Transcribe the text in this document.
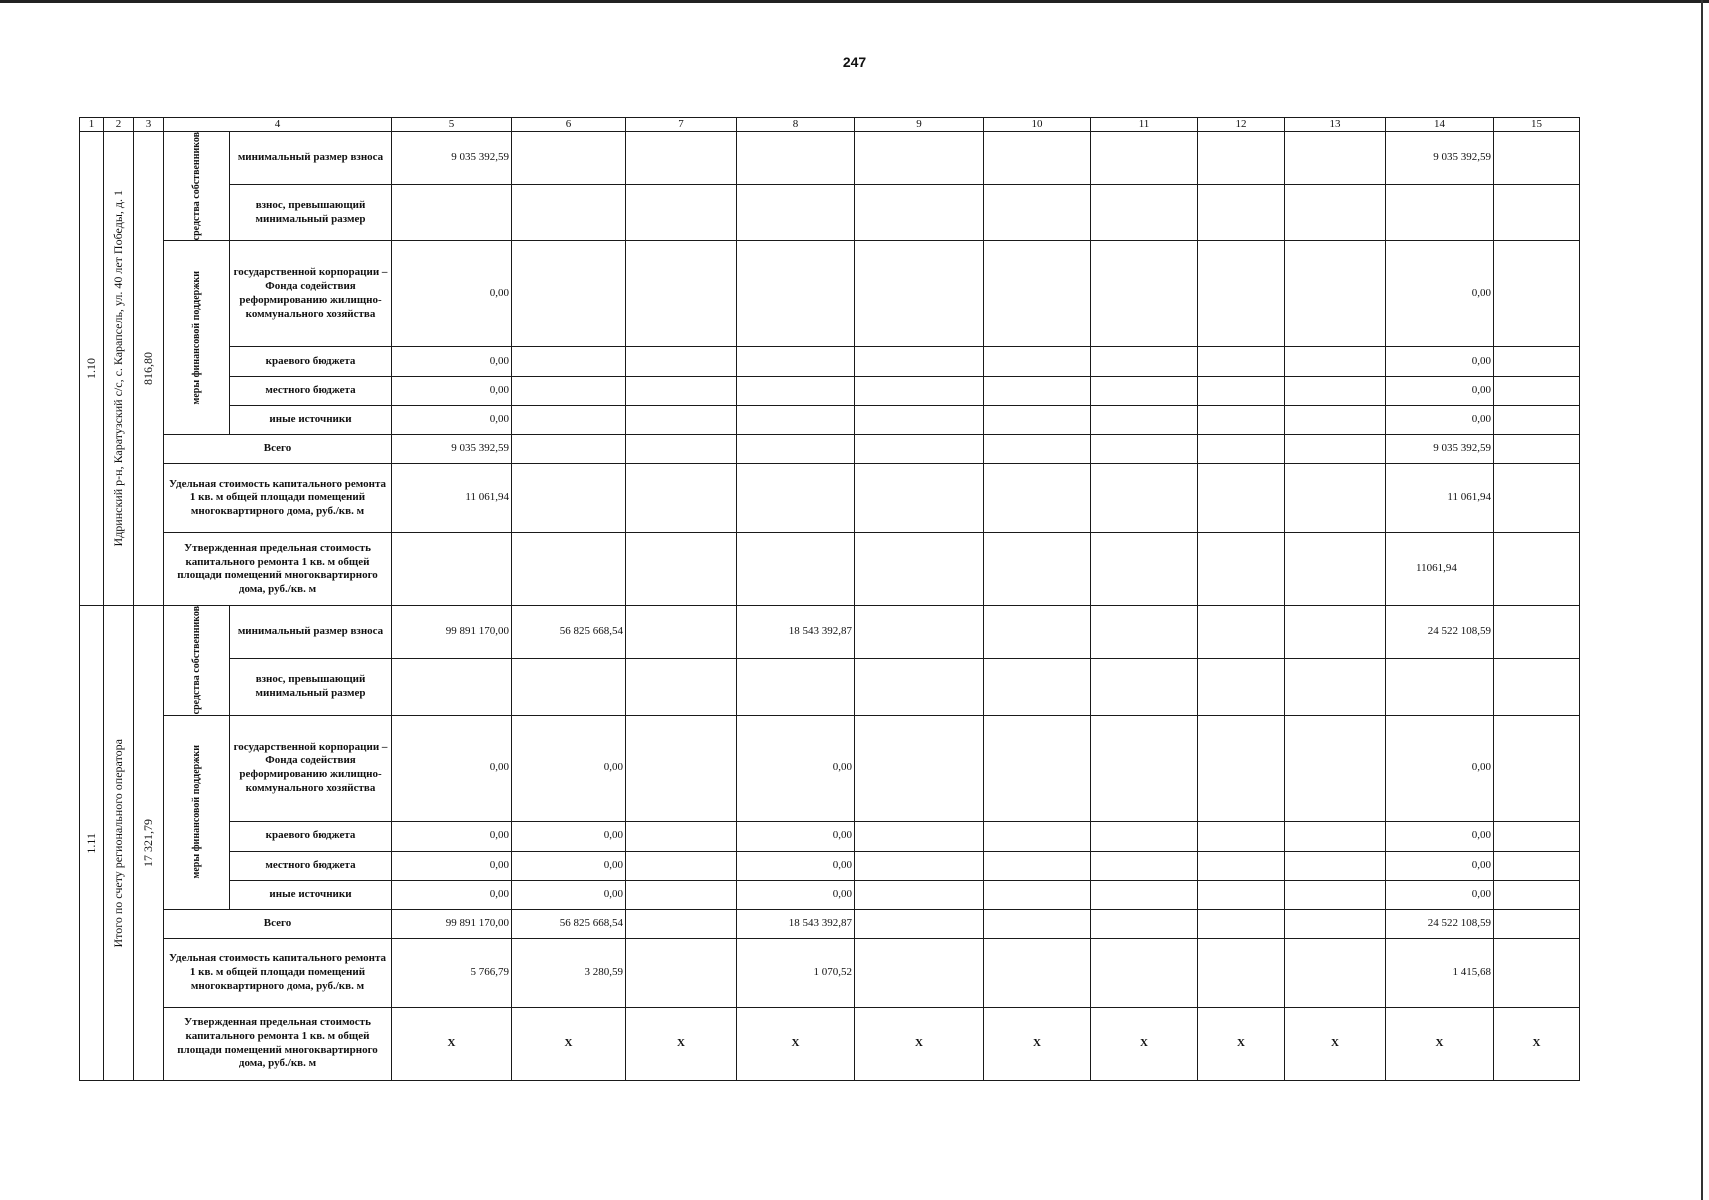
247
1	2	3	4		5	6	7	8	9	10	11	12	13	14	15

1.10	Идринский р-н, Каратузский с/с, с. Карапсель, ул. 40 лет Победы, д. 1	816,80	средства собственников	минимальный размер взноса	9 035 392,59									9 035 392,59	
				взнос, превышающий минимальный размер											

			меры финансовой поддержки	государственной корпорации – Фонда содействия реформированию жилищно-коммунального хозяйства	0,00									0,00	
				краевого бюджета	0,00									0,00	
				местного бюджета	0,00									0,00	
				иные источники	0,00									0,00	
			Всего		9 035 392,59									9 035 392,59	
			Удельная стоимость капитального ремонта 1 кв. м общей площади помещений многоквартирного дома, руб./кв. м		11 061,94									11 061,94	
			Утвержденная предельная стоимость капитального ремонта 1 кв. м общей площади помещений многоквартирного дома, руб./кв. м											11061,94	

1.11	Итого по счету регионального оператора	17 321,79	средства собственников	минимальный размер взноса	99 891 170,00	56 825 668,54		18 543 392,87						24 522 108,59	
				взнос, превышающий минимальный размер											

			меры финансовой поддержки	государственной корпорации – Фонда содействия реформированию жилищно-коммунального хозяйства	0,00	0,00		0,00						0,00	
				краевого бюджета	0,00	0,00		0,00						0,00	
				местного бюджета	0,00	0,00		0,00						0,00	
				иные источники	0,00	0,00		0,00						0,00	
			Всего		99 891 170,00	56 825 668,54		18 543 392,87						24 522 108,59	
			Удельная стоимость капитального ремонта 1 кв. м общей площади помещений многоквартирного дома, руб./кв. м		5 766,79	3 280,59		1 070,52						1 415,68	
			Утвержденная предельная стоимость капитального ремонта 1 кв. м общей площади помещений многоквартирного дома, руб./кв. м		X	X	X	X	X	X	X	X	X	X	X
